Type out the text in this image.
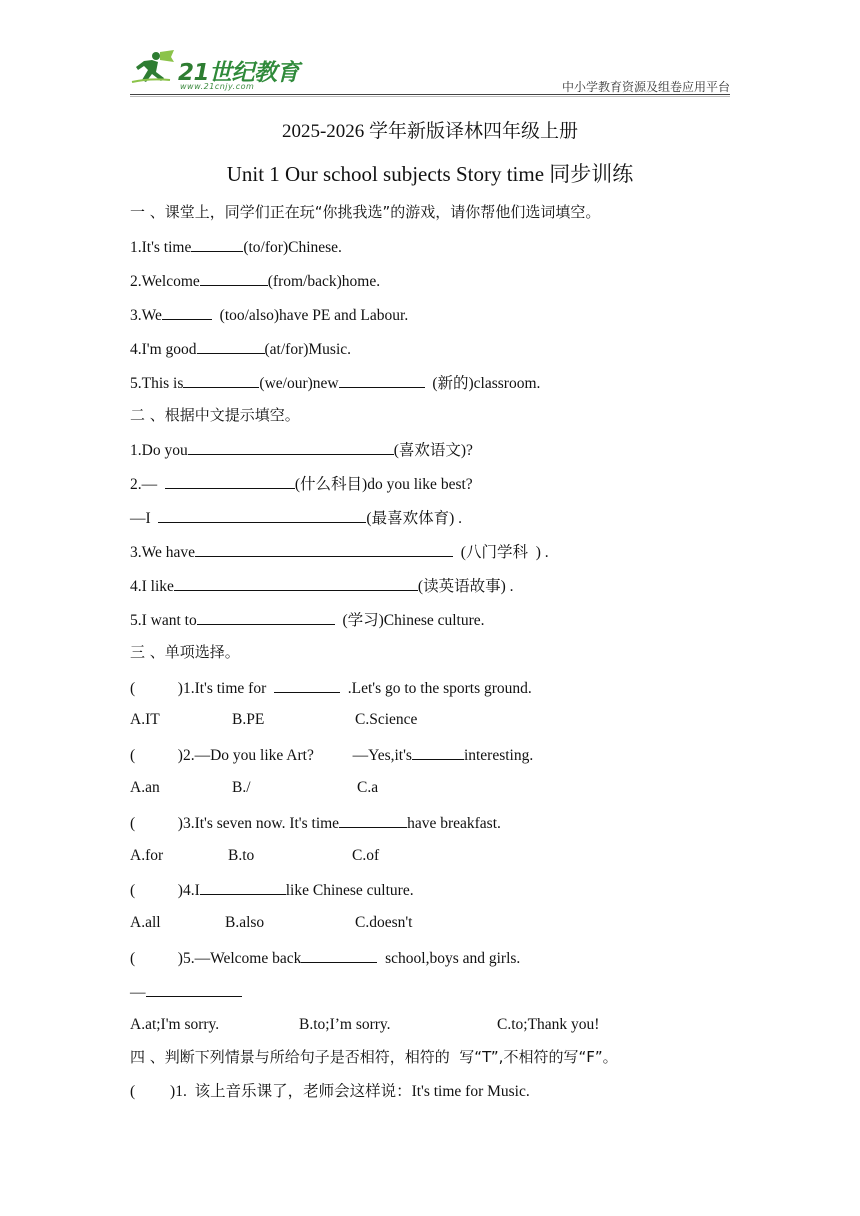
21世纪教育
www.21cnjy.com	中小学教育资源及组卷应用平台
2025-2026 学年新版译林四年级上册
Unit 1 Our school subjects Story time 同步训练
一 、课堂上，同学们正在玩“你挑我选”的游戏，请你帮他们选词填空。
1.It's time	(to/for)Chinese.
2.Welcome	(from/back)home.
3.We	(too/also)have PE and Labour.
4.I'm good	(at/for)Music.
5.This is	(we/our)new	(新的)classroom.
二 、根据中文提示填空。
1.Do you	(喜欢语文)?
2.—	(什么科目)do you like best?
—I	(最喜欢体育) .
3.We have	(八门学科  ) .
4.I like	(读英语故事) .
5.I want to	(学习)Chinese culture.
三 、单项选择。
(           )1.It's time for	.Let's go to the sports ground.
A.IT	B.PE	C.Science
(           )2.—Do you like Art?          —Yes,it's	interesting.
A.an	B./	C.a
(           )3.It's seven now. It's time	have breakfast.
A.for	B.to	C.of
(           )4.I	like Chinese culture.
A.all	B.also	C.doesn't
(           )5.—Welcome back	school,boys and girls.
—
A.at;I'm sorry.	B.to;I’m sorry.	C.to;Thank you!
四 、判断下列情景与所给句子是否相符，相符的  写“T”,不相符的写“F”。
(         )1.  该上音乐课了，老师会这样说：It's time for Music.
